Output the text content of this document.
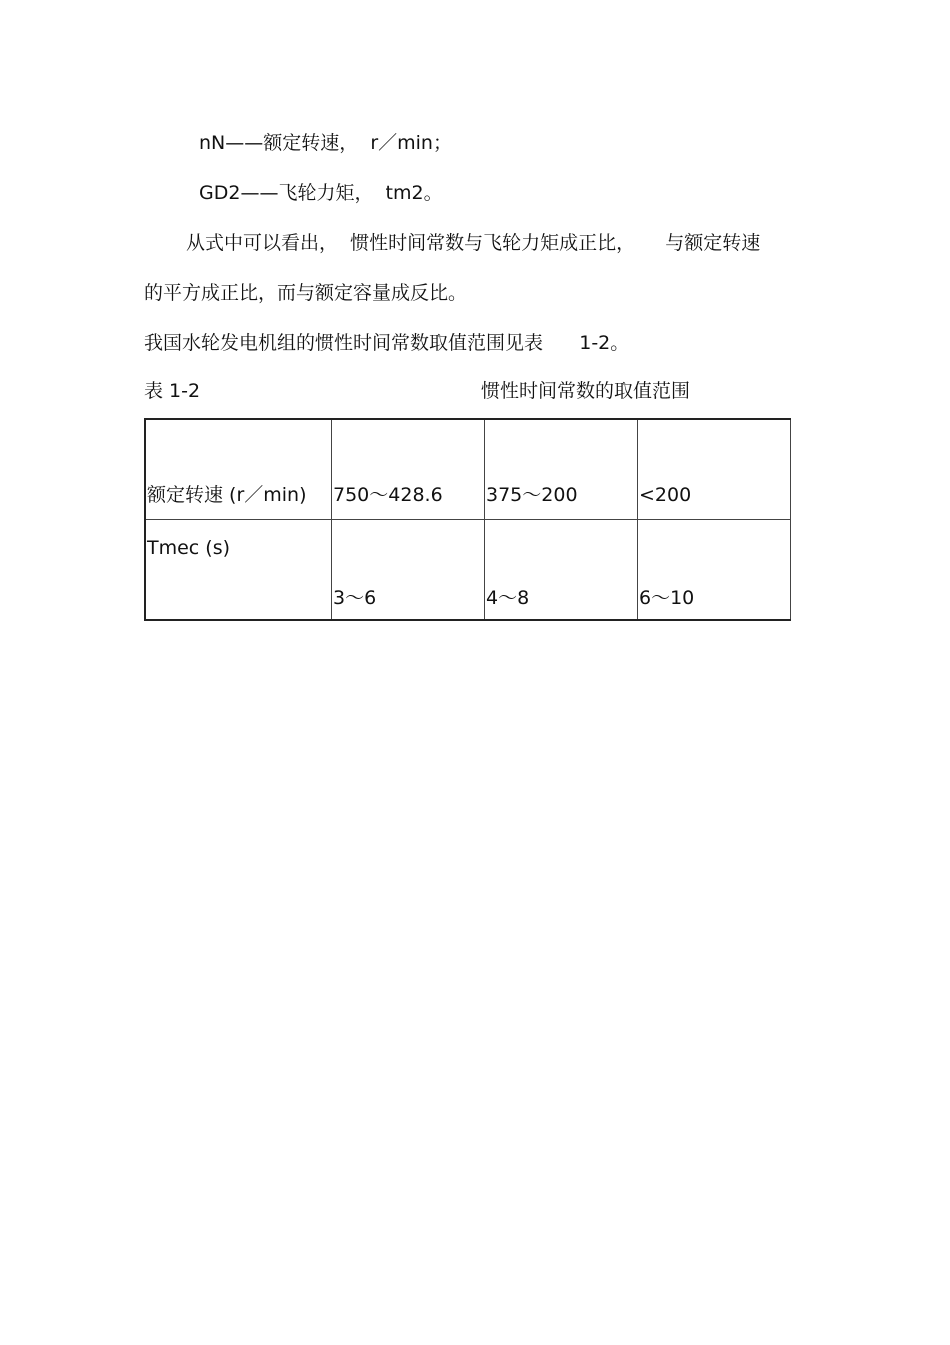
nN——额定转速，  r／min；
GD2——飞轮力矩，  tm2。
从式中可以看出，  惯性时间常数与飞轮力矩成正比，     与额定转速
的平方成正比，而与额定容量成反比。
我国水轮发电机组的惯性时间常数取值范围见表      1-2。
表 1-2	惯性时间常数的取值范围
额定转速 (r／min)	750～428.6	375～200	<200

Tmec (s)	3～6	4～8	6～10
